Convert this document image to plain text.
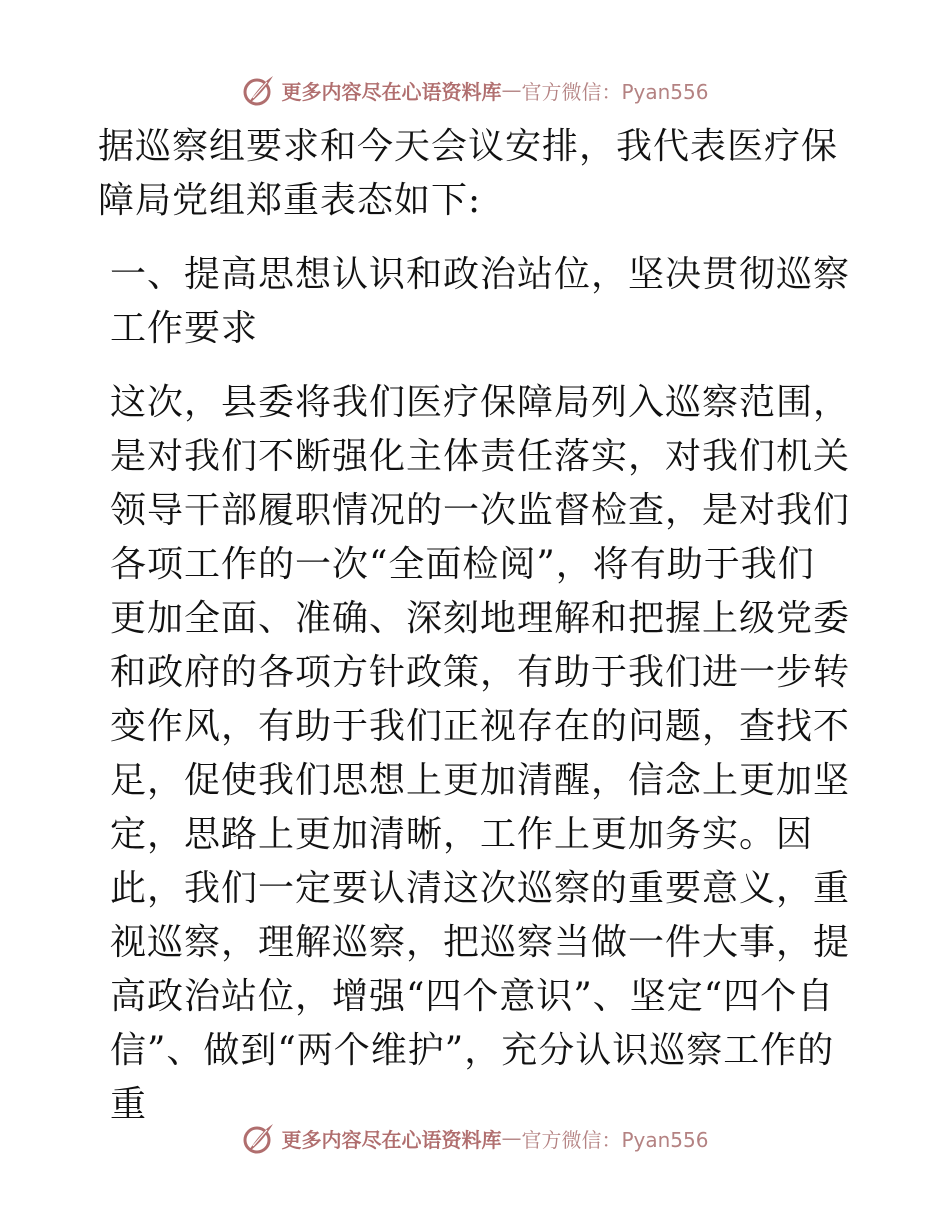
更多内容尽在心语资料库 — 官方微信：Pyan556

据巡察组要求和今天会议安排，我代表医疗保障局党组郑重表态如下:

一、提高思想认识和政治站位，坚决贯彻巡察工作要求

这次，县委将我们医疗保障局列入巡察范围，是对我们不断强化主体责任落实，对我们机关领导干部履职情况的一次监督检查，是对我们各项工作的一次“全面检阅”，将有助于我们更加全面、准确、深刻地理解和把握上级党委和政府的各项方针政策，有助于我们进一步转变作风，有助于我们正视存在的问题，查找不足，促使我们思想上更加清醒，信念上更加坚定，思路上更加清晰，工作上更加务实。因此，我们一定要认清这次巡察的重要意义，重视巡察，理解巡察，把巡察当做一件大事，提高政治站位，增强“四个意识”、坚定“四个自信”、做到“两个维护”，充分认识巡察工作的重

更多内容尽在心语资料库 — 官方微信：Pyan556
